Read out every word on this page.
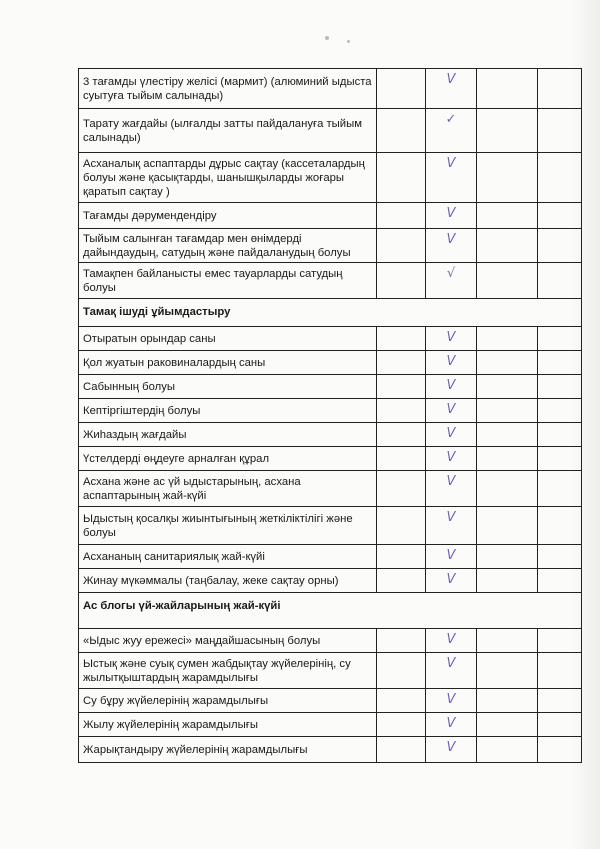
3 тағамды үлестіру желісі (мармит) (алюминий ыдыста суытуға тыйым салынады)		V		
Тарату жағдайы (ылғалды затты пайдалануға тыйым салынады)		✓		
Асханалық аспаптарды дұрыс сақтау (кассеталардың болуы және қасықтарды, шанышқыларды жоғары қаратып сақтау )		V		
Тағамды дәрумендендіру		V		
Тыйым салынған тағамдар мен өнімдерді дайындаудың, сатудың және пайдаланудың болуы		V		
Тамақпен байланысты емес тауарларды сатудың болуы		√		
Тамақ ішуді ұйымдастыру				
Отыратын орындар саны		V		
Қол жуатын раковиналардың саны		V		
Сабынның болуы		V		
Кептіргіштердің болуы		V		
Жиһаздың жағдайы		V		
Үстелдерді өңдеуге арналған құрал		V		
Асхана және ас үй ыдыстарының, асхана аспаптарының жай-күйі		V		
Ыдыстың қосалқы жиынтығының жеткіліктілігі және болуы		V		
Асхананың санитариялық жай-күйі		V		
Жинау мүкәммалы (таңбалау, жеке сақтау орны)		V		
Ас блогы үй-жайларының жай-күйі				
«Ыдыс жуу ережесі» маңдайшасының болуы		V		
Ыстық және суық сумен жабдықтау жүйелерінің, су жылытқыштардың жарамдылығы		V		
Су бұру жүйелерінің жарамдылығы		V		
Жылу жүйелерінің жарамдылығы		V		
Жарықтандыру жүйелерінің жарамдылығы		V		
